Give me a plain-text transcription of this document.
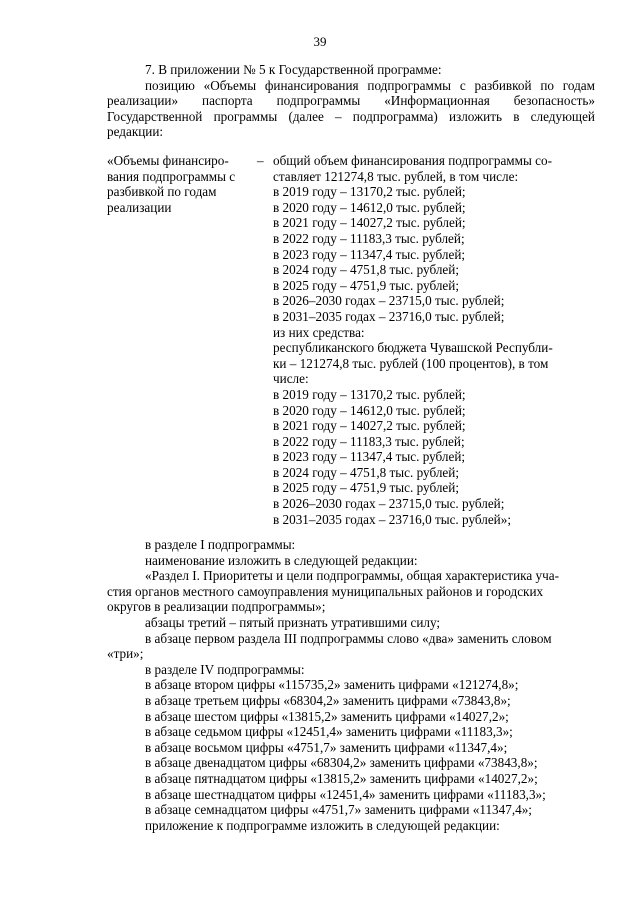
39
7. В приложении № 5 к Государственной программе:
позицию «Объемы финансирования подпрограммы с разбивкой по годам реализации» паспорта подпрограммы «Информационная безопасность» Государственной программы (далее – подпрограмма) изложить в следующей редакции:
«Объемы финансиро-
вания подпрограммы с
разбивкой по годам
реализации
– общий объем финансирования подпрограммы со-
ставляет 121274,8 тыс. рублей, в том числе:
в 2019 году – 13170,2 тыс. рублей;
в 2020 году – 14612,0 тыс. рублей;
в 2021 году – 14027,2 тыс. рублей;
в 2022 году – 11183,3 тыс. рублей;
в 2023 году – 11347,4 тыс. рублей;
в 2024 году – 4751,8 тыс. рублей;
в 2025 году – 4751,9 тыс. рублей;
в 2026–2030 годах – 23715,0 тыс. рублей;
в 2031–2035 годах – 23716,0 тыс. рублей;
из них средства:
республиканского бюджета Чувашской Республи-
ки – 121274,8 тыс. рублей (100 процентов), в том
числе:
в 2019 году – 13170,2 тыс. рублей;
в 2020 году – 14612,0 тыс. рублей;
в 2021 году – 14027,2 тыс. рублей;
в 2022 году – 11183,3 тыс. рублей;
в 2023 году – 11347,4 тыс. рублей;
в 2024 году – 4751,8 тыс. рублей;
в 2025 году – 4751,9 тыс. рублей;
в 2026–2030 годах – 23715,0 тыс. рублей;
в 2031–2035 годах – 23716,0 тыс. рублей»;
в разделе I подпрограммы:
наименование изложить в следующей редакции:
«Раздел I. Приоритеты и цели подпрограммы, общая характеристика уча-
стия органов местного самоуправления муниципальных районов и городских
округов в реализации подпрограммы»;
абзацы третий – пятый признать утратившими силу;
в абзаце первом раздела III подпрограммы слово «два» заменить словом
«три»;
в разделе IV подпрограммы:
в абзаце втором цифры «115735,2» заменить цифрами «121274,8»;
в абзаце третьем цифры «68304,2» заменить цифрами «73843,8»;
в абзаце шестом цифры «13815,2» заменить цифрами «14027,2»;
в абзаце седьмом цифры «12451,4» заменить цифрами «11183,3»;
в абзаце восьмом цифры «4751,7» заменить цифрами «11347,4»;
в абзаце двенадцатом цифры «68304,2» заменить цифрами «73843,8»;
в абзаце пятнадцатом цифры «13815,2» заменить цифрами «14027,2»;
в абзаце шестнадцатом цифры «12451,4» заменить цифрами «11183,3»;
в абзаце семнадцатом цифры «4751,7» заменить цифрами «11347,4»;
приложение к подпрограмме изложить в следующей редакции:
